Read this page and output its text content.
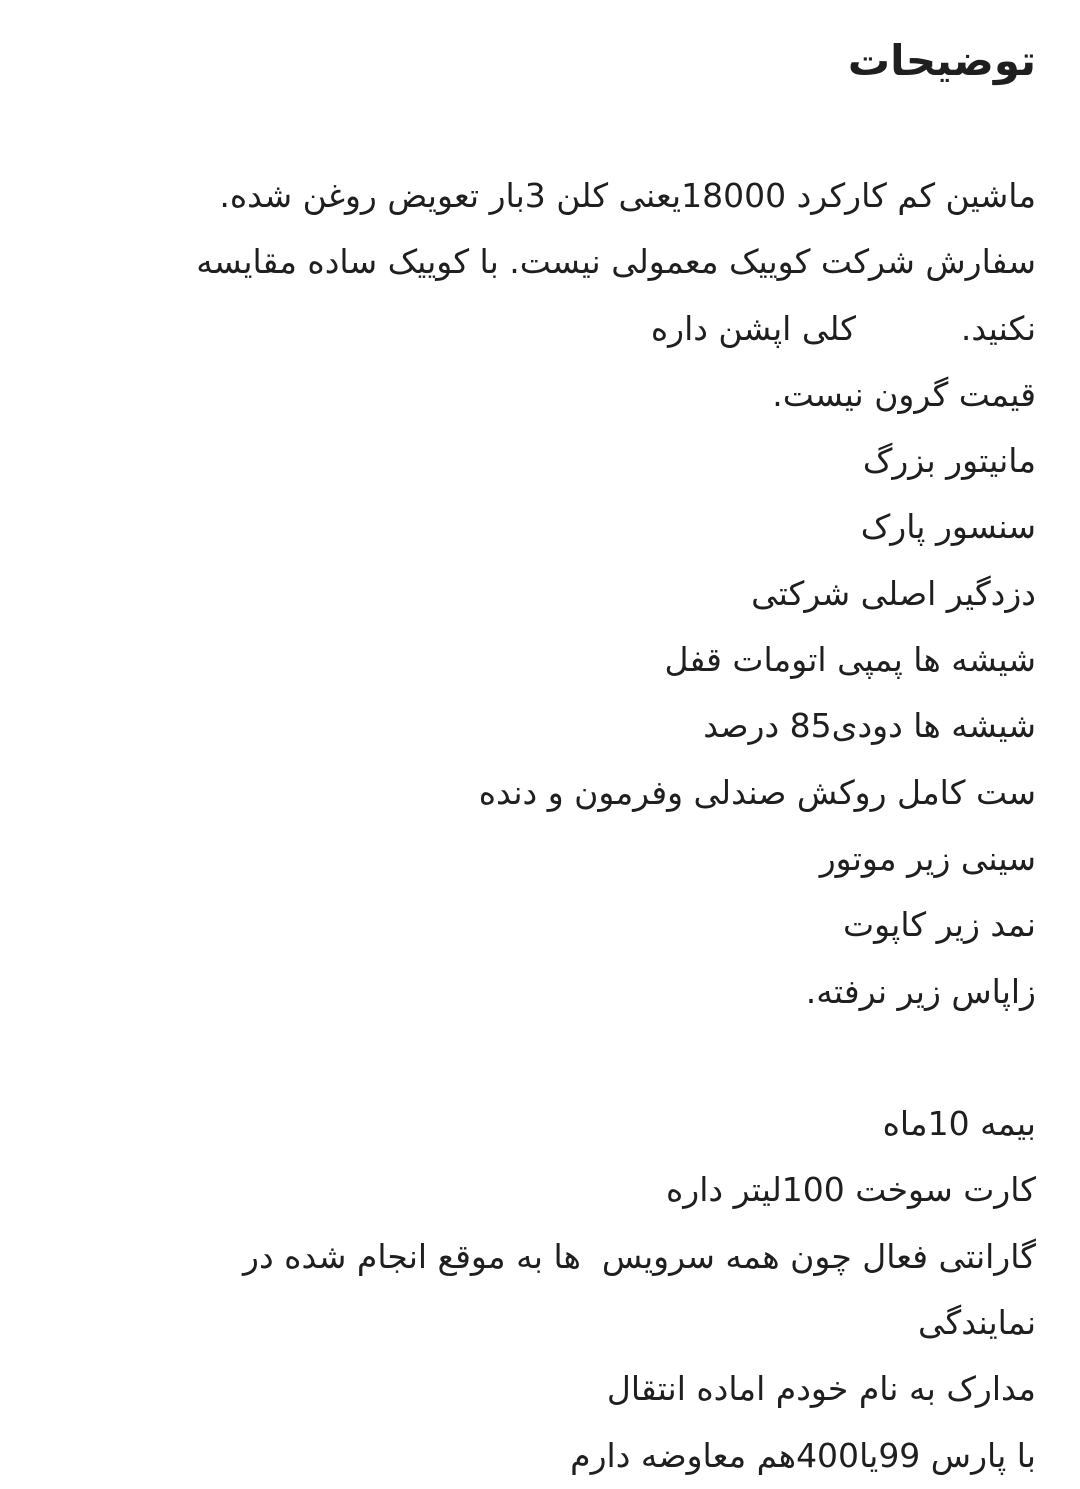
توضیحات
ماشین کم کارکرد 18000یعنی کلن 3بار تعویض روغن شده.
سفارش شرکت کوییک معمولی نیست. با کوییک ساده مقایسه
نکنید.          کلی اپشن داره
قیمت گرون نیست.
مانیتور بزرگ
سنسور پارک
دزدگیر اصلی شرکتی
شیشه ها پمپی اتومات قفل
شیشه ها دودی85 درصد
ست کامل روکش صندلی وفرمون و دنده
سینی زیر موتور
نمد زیر کاپوت
زاپاس زیر نرفته.
بیمه 10ماه
کارت سوخت 100لیتر داره
گارانتی فعال چون همه سرویس  ها به موقع انجام شده در
نمایندگی
مدارک به نام خودم اماده انتقال
با پارس 99یا400هم معاوضه دارم
